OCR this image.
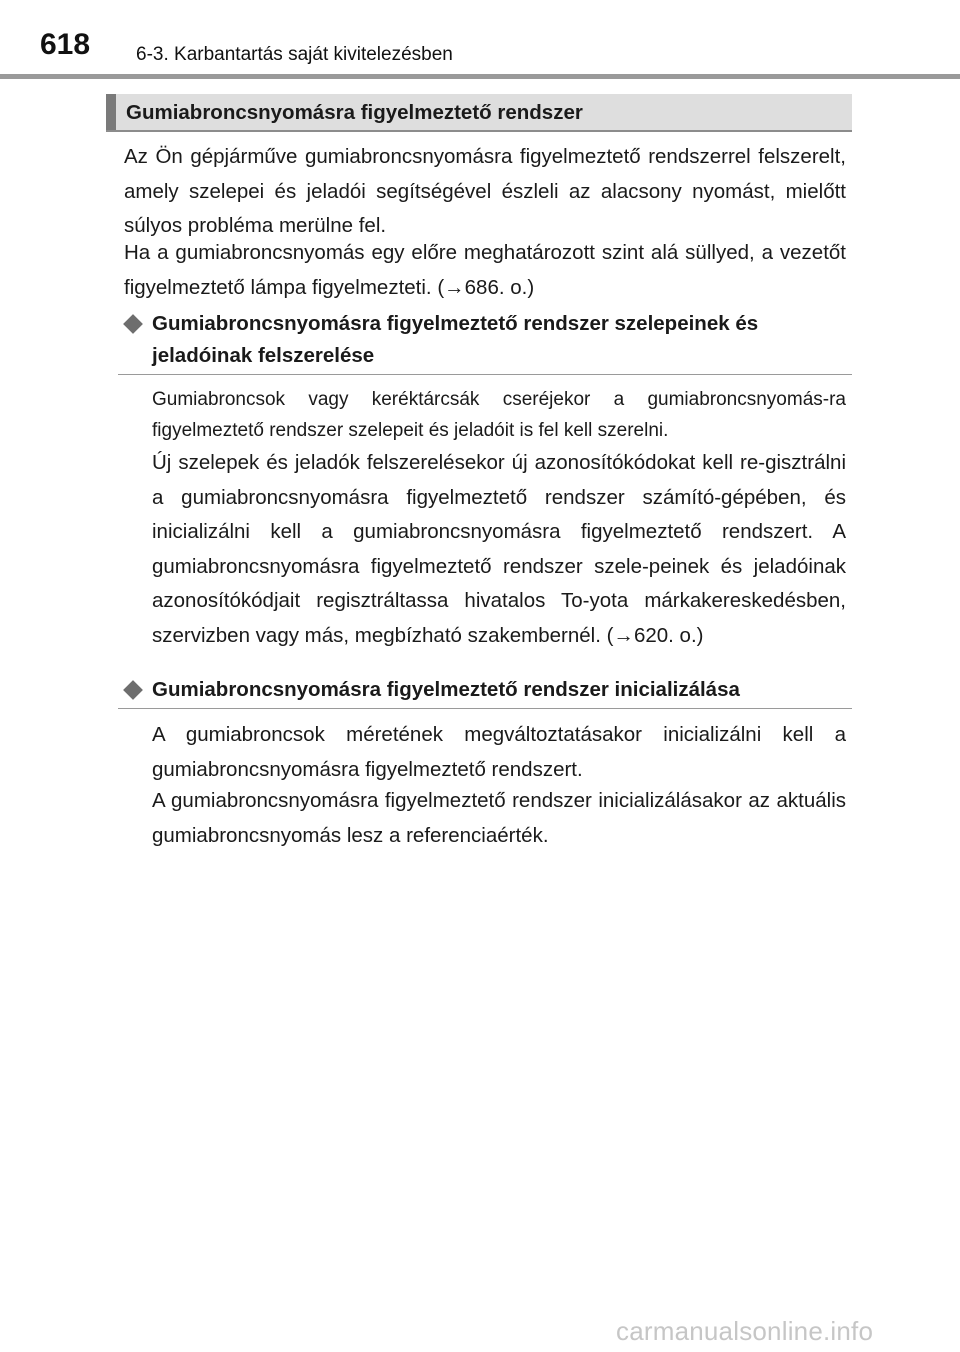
618 6-3. Karbantartás saját kivitelezésben
Gumiabroncsnyomásra figyelmeztető rendszer

Az Ön gépjárműve gumiabroncsnyomásra figyelmeztető rendszerrel felszerelt, amely szelepei és jeladói segítségével észleli az alacsony nyomást, mielőtt súlyos probléma merülne fel.

Ha a gumiabroncsnyomás egy előre meghatározott szint alá süllyed, a vezetőt figyelmeztető lámpa figyelmezteti. (→686. o.)

Gumiabroncsnyomásra figyelmeztető rendszer szelepeinek és jeladóinak felszerelése

Gumiabroncsok vagy keréktárcsák cseréjekor a gumiabroncsnyomás-ra figyelmeztető rendszer szelepeit és jeladóit is fel kell szerelni.

Új szelepek és jeladók felszerelésekor új azonosítókódokat kell re-gisztrálni a gumiabroncsnyomásra figyelmeztető rendszer számító-gépében, és inicializálni kell a gumiabroncsnyomásra figyelmeztető rendszert. A gumiabroncsnyomásra figyelmeztető rendszer szele-peinek és jeladóinak azonosítókódjait regisztráltassa hivatalos To-yota márkakereskedésben, szervizben vagy más, megbízható szakembernél. (→620. o.)

Gumiabroncsnyomásra figyelmeztető rendszer inicializálása

A gumiabroncsok méretének megváltoztatásakor inicializálni kell a gumiabroncsnyomásra figyelmeztető rendszert.

A gumiabroncsnyomásra figyelmeztető rendszer inicializálásakor az aktuális gumiabroncsnyomás lesz a referenciaérték.

carmanualsonline.info
